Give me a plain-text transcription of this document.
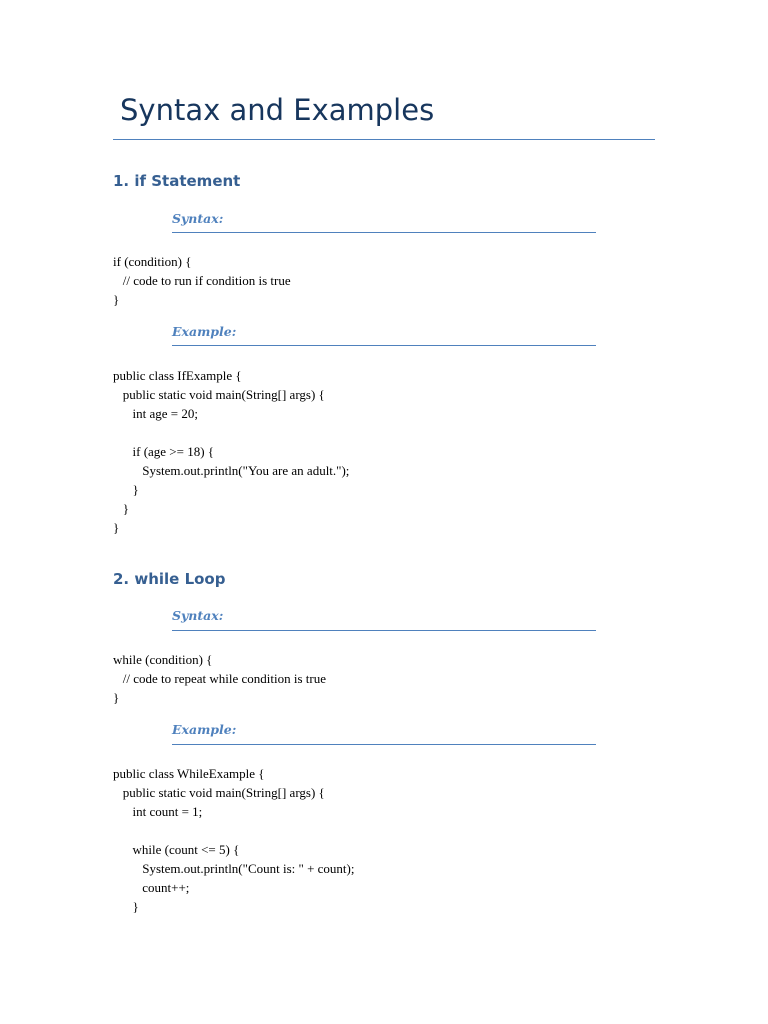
Syntax and Examples
1. if Statement
Syntax:
if (condition) {
// code to run if condition is true
}
Example:
public class IfExample {
public static void main(String[] args) {
int age = 20;
if (age >= 18) {
System.out.println("You are an adult.");
}
}
}
2. while Loop
Syntax:
while (condition) {
// code to repeat while condition is true
}
Example:
public class WhileExample {
public static void main(String[] args) {
int count = 1;
while (count <= 5) {
System.out.println("Count is: " + count);
count++;
}
